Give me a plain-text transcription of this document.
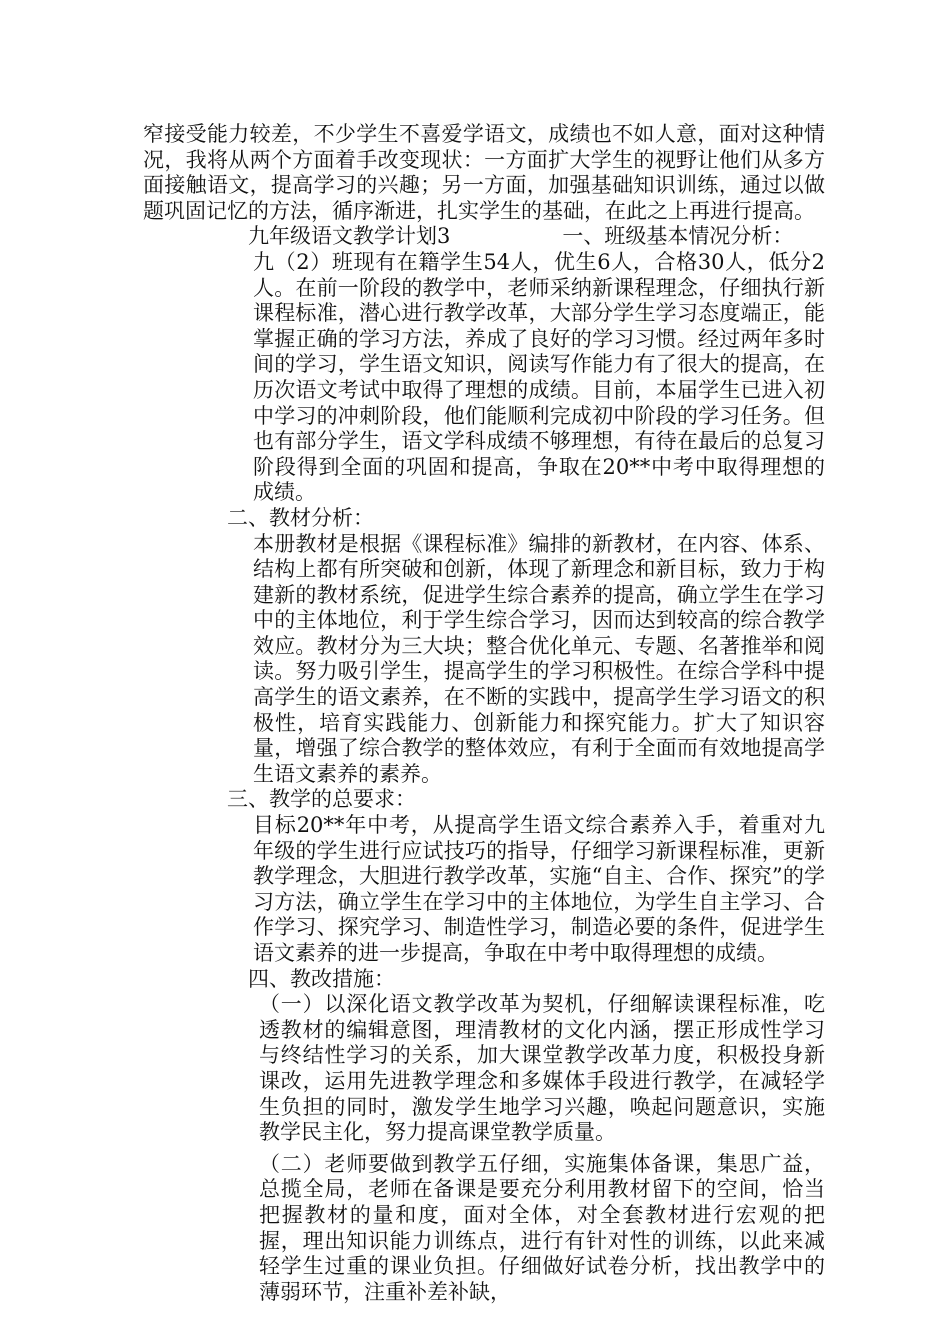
窄接受能力较差，不少学生不喜爱学语文，成绩也不如人意，面对这种情况，我将从两个方面着手改变现状：一方面扩大学生的视野让他们从多方面接触语文，提高学习的兴趣；另一方面，加强基础知识训练，通过以做题巩固记忆的方法，循序渐进，扎实学生的基础，在此之上再进行提高。

九年级语文教学计划3	一、班级基本情况分析：

九（2）班现有在籍学生54人，优生6人，合格30人，低分2人。在前一阶段的教学中，老师采纳新课程理念，仔细执行新课程标准，潜心进行教学改革，大部分学生学习态度端正，能掌握正确的学习方法，养成了良好的学习习惯。经过两年多时间的学习，学生语文知识，阅读写作能力有了很大的提高，在历次语文考试中取得了理想的成绩。目前，本届学生已进入初中学习的冲刺阶段，他们能顺利完成初中阶段的学习任务。但也有部分学生，语文学科成绩不够理想，有待在最后的总复习阶段得到全面的巩固和提高，争取在20**中考中取得理想的成绩。

二、教材分析：

本册教材是根据《课程标准》编排的新教材，在内容、体系、结构上都有所突破和创新，体现了新理念和新目标，致力于构建新的教材系统，促进学生综合素养的提高，确立学生在学习中的主体地位，利于学生综合学习，因而达到较高的综合教学效应。教材分为三大块；整合优化单元、专题、名著推举和阅读。努力吸引学生，提高学生的学习积极性。在综合学科中提高学生的语文素养，在不断的实践中，提高学生学习语文的积极性，培育实践能力、创新能力和探究能力。扩大了知识容量，增强了综合教学的整体效应，有利于全面而有效地提高学生语文素养的素养。

三、教学的总要求：

目标20**年中考，从提高学生语文综合素养入手，着重对九年级的学生进行应试技巧的指导，仔细学习新课程标准，更新教学理念，大胆进行教学改革，实施“自主、合作、探究”的学习方法，确立学生在学习中的主体地位，为学生自主学习、合作学习、探究学习、制造性学习，制造必要的条件，促进学生语文素养的进一步提高，争取在中考中取得理想的成绩。

四、教改措施：

（一）以深化语文教学改革为契机，仔细解读课程标准，吃透教材的编辑意图，理清教材的文化内涵，摆正形成性学习与终结性学习的关系，加大课堂教学改革力度，积极投身新课改，运用先进教学理念和多媒体手段进行教学，在减轻学生负担的同时，激发学生地学习兴趣，唤起问题意识，实施教学民主化，努力提高课堂教学质量。

（二）老师要做到教学五仔细，实施集体备课，集思广益，总揽全局，老师在备课是要充分利用教材留下的空间，恰当把握教材的量和度，面对全体，对全套教材进行宏观的把握，理出知识能力训练点，进行有针对性的训练，以此来减轻学生过重的课业负担。仔细做好试卷分析，找出教学中的薄弱环节，注重补差补缺，
